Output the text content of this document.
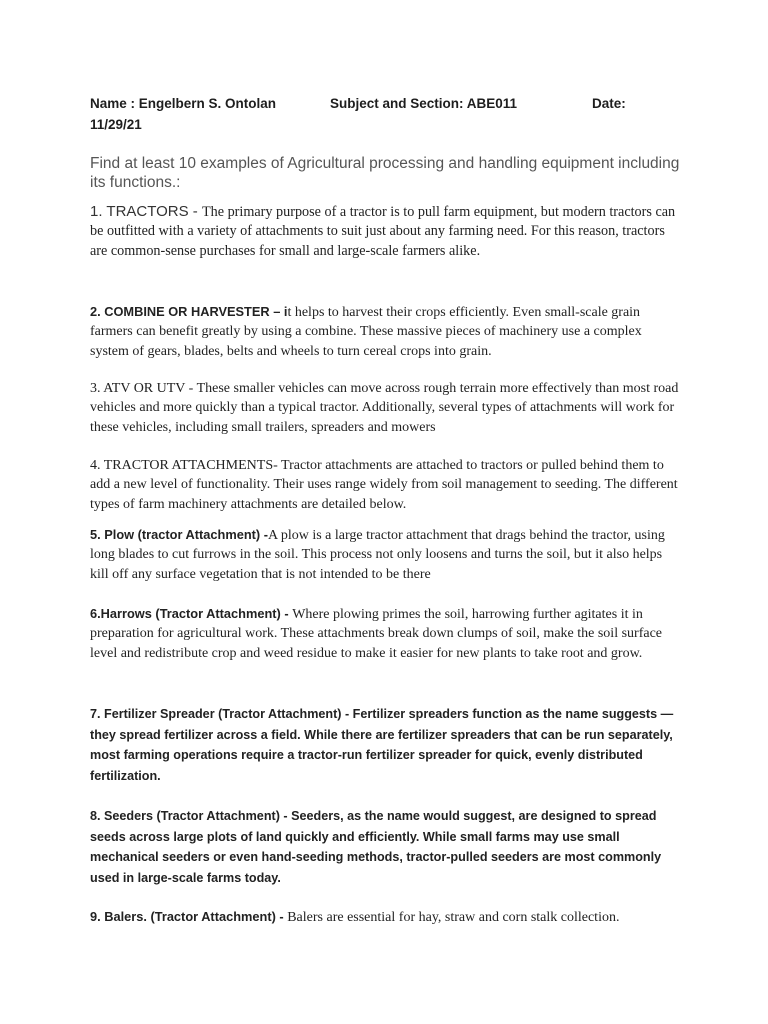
Name : Engelbern S. Ontolan	Subject and Section: ABE011	Date:
11/29/21
Find at least 10 examples of Agricultural processing and handling equipment including its functions.:
1. TRACTORS - The primary purpose of a tractor is to pull farm equipment, but modern tractors can be outfitted with a variety of attachments to suit just about any farming need. For this reason, tractors are common-sense purchases for small and large-scale farmers alike.
2. COMBINE OR HARVESTER – it helps to harvest their crops efficiently. Even small-scale grain farmers can benefit greatly by using a combine. These massive pieces of machinery use a complex system of gears, blades, belts and wheels to turn cereal crops into grain.
3. ATV OR UTV - These smaller vehicles can move across rough terrain more effectively than most road vehicles and more quickly than a typical tractor. Additionally, several types of attachments will work for these vehicles, including small trailers, spreaders and mowers
4. TRACTOR ATTACHMENTS- Tractor attachments are attached to tractors or pulled behind them to add a new level of functionality. Their uses range widely from soil management to seeding. The different types of farm machinery attachments are detailed below.
5. Plow (tractor Attachment) -A plow is a large tractor attachment that drags behind the tractor, using long blades to cut furrows in the soil. This process not only loosens and turns the soil, but it also helps kill off any surface vegetation that is not intended to be there
6.Harrows (Tractor Attachment) - Where plowing primes the soil, harrowing further agitates it in preparation for agricultural work. These attachments break down clumps of soil, make the soil surface level and redistribute crop and weed residue to make it easier for new plants to take root and grow.
7. Fertilizer Spreader (Tractor Attachment) - Fertilizer spreaders function as the name suggests — they spread fertilizer across a field. While there are fertilizer spreaders that can be run separately, most farming operations require a tractor-run fertilizer spreader for quick, evenly distributed fertilization.
8. Seeders (Tractor Attachment) - Seeders, as the name would suggest, are designed to spread seeds across large plots of land quickly and efficiently. While small farms may use small mechanical seeders or even hand-seeding methods, tractor-pulled seeders are most commonly used in large-scale farms today.
9. Balers. (Tractor Attachment) - Balers are essential for hay, straw and corn stalk collection.
